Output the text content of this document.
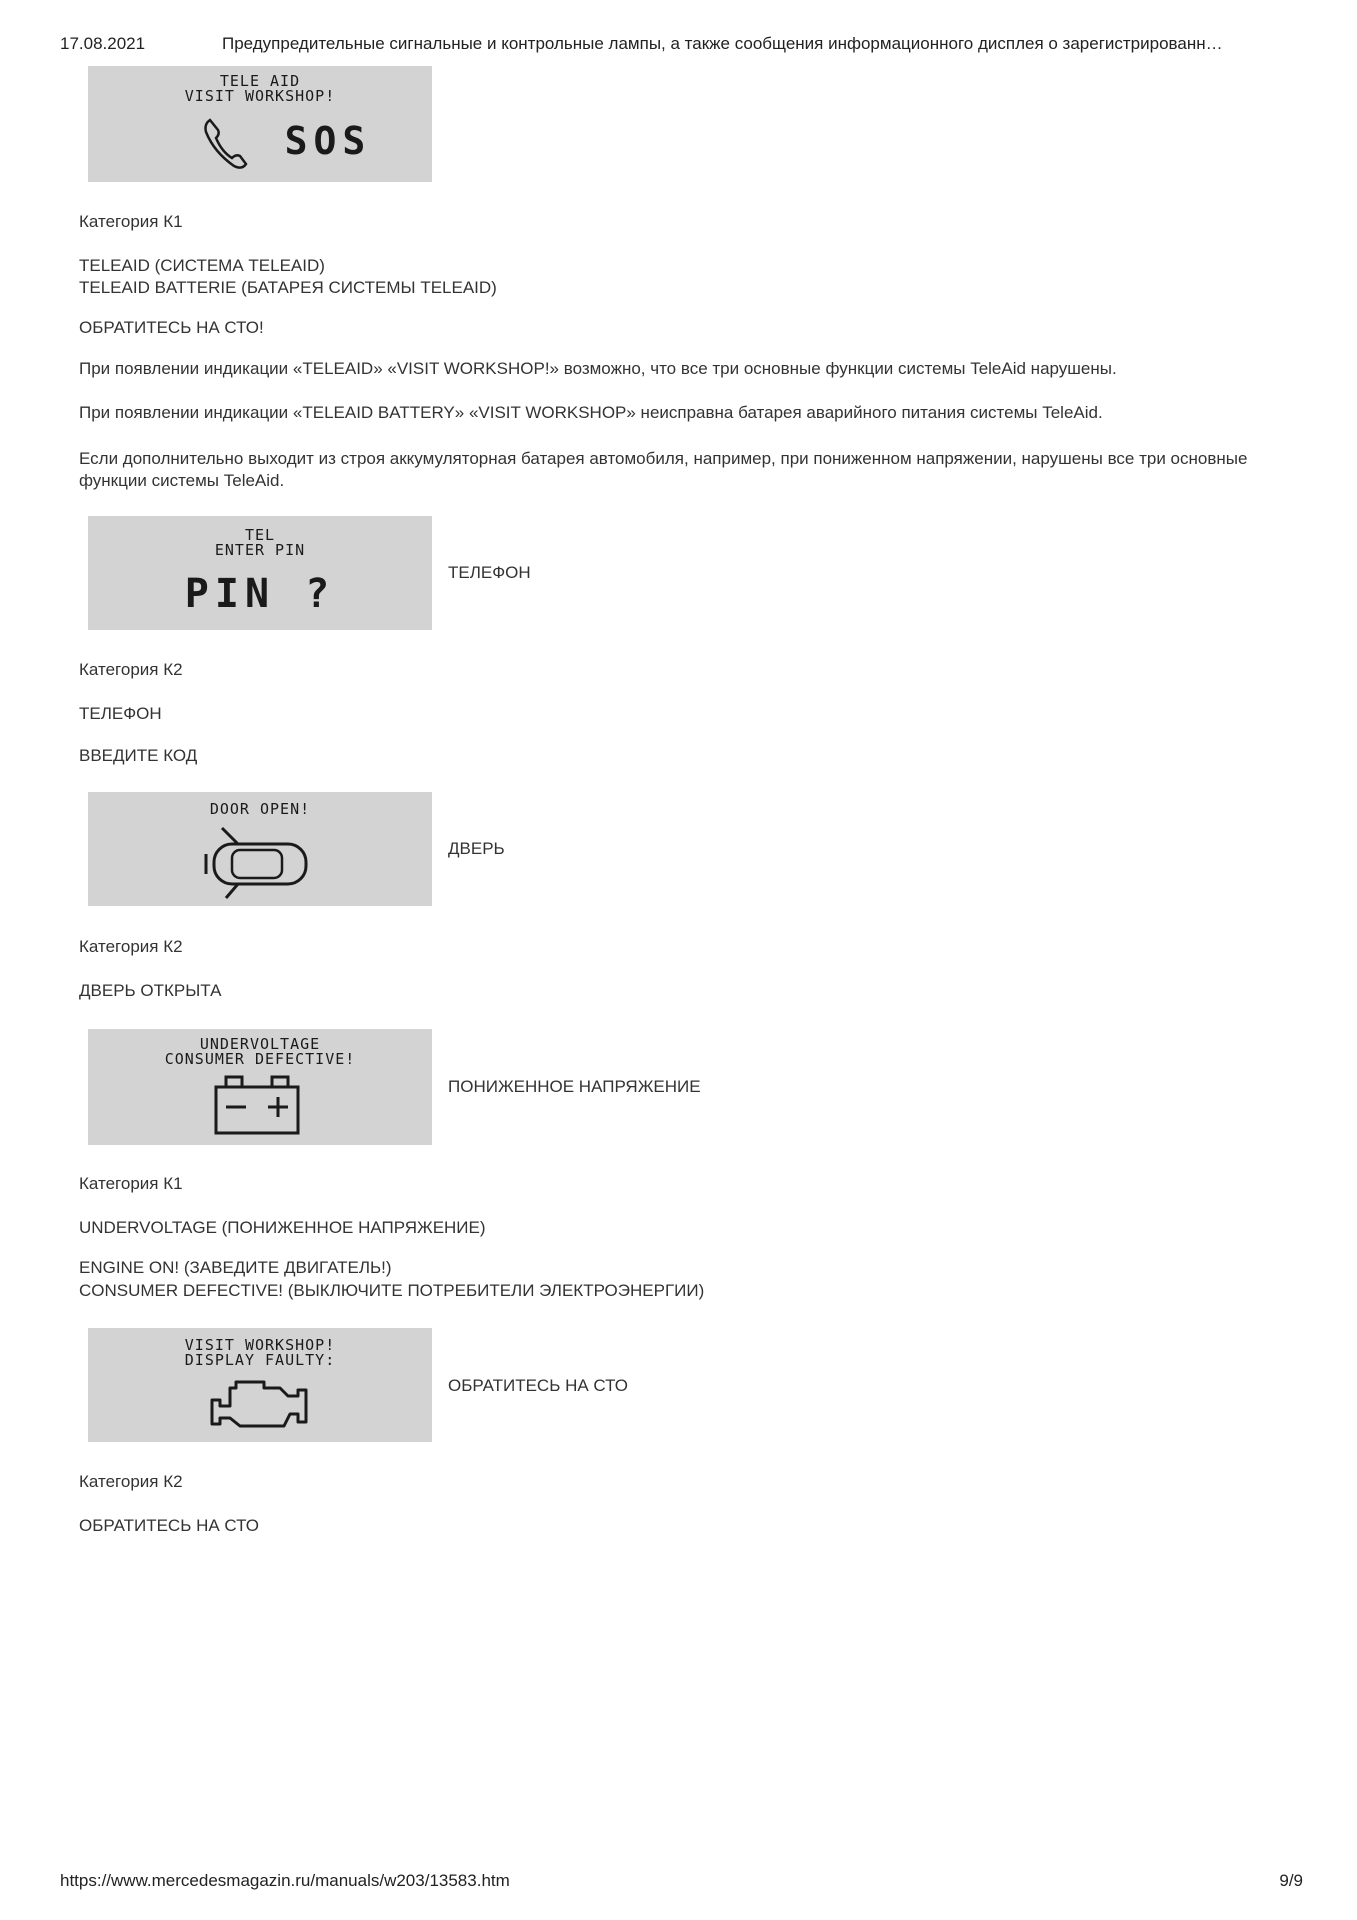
17.08.2021	Предупредительные сигнальные и контрольные лампы, а также сообщения информационного дисплея о зарегистрированн…
TELE AID
VISIT WORKSHOP!
SOS
Категория К1
TELEAID (СИСТЕМА TELEAID)
TELEAID BATTERIE (БАТАРЕЯ СИСТЕМЫ TELEAID)
ОБРАТИТЕСЬ НА СТО!
При появлении индикации «TELEAID» «VISIT WORKSHOP!» возможно, что все три основные функции системы TeleAid нарушены.
При появлении индикации «TELEAID BATTERY» «VISIT WORKSHOP» неисправна батарея аварийного питания системы TeleAid.
Если дополнительно выходит из строя аккумуляторная батарея автомобиля, например, при пониженном напряжении, нарушены все три основные функции системы TeleAid.
TEL
ENTER PIN
PIN ?	ТЕЛЕФОН
Категория К2
ТЕЛЕФОН
ВВЕДИТЕ КОД
DOOR OPEN!
ДВЕРЬ
Категория К2
ДВЕРЬ ОТКРЫТА
UNDERVOLTAGE
CONSUMER DEFECTIVE!
ПОНИЖЕННОЕ НАПРЯЖЕНИЕ
Категория К1
UNDERVOLTAGE (ПОНИЖЕННОЕ НАПРЯЖЕНИЕ)
ENGINE ON! (ЗАВЕДИТЕ ДВИГАТЕЛЬ!)
CONSUMER DEFECTIVE! (ВЫКЛЮЧИТЕ ПОТРЕБИТЕЛИ ЭЛЕКТРОЭНЕРГИИ)
VISIT WORKSHOP!
DISPLAY FAULTY:
ОБРАТИТЕСЬ НА СТО
Категория К2
ОБРАТИТЕСЬ НА СТО
https://www.mercedesmagazin.ru/manuals/w203/13583.htm	9/9
